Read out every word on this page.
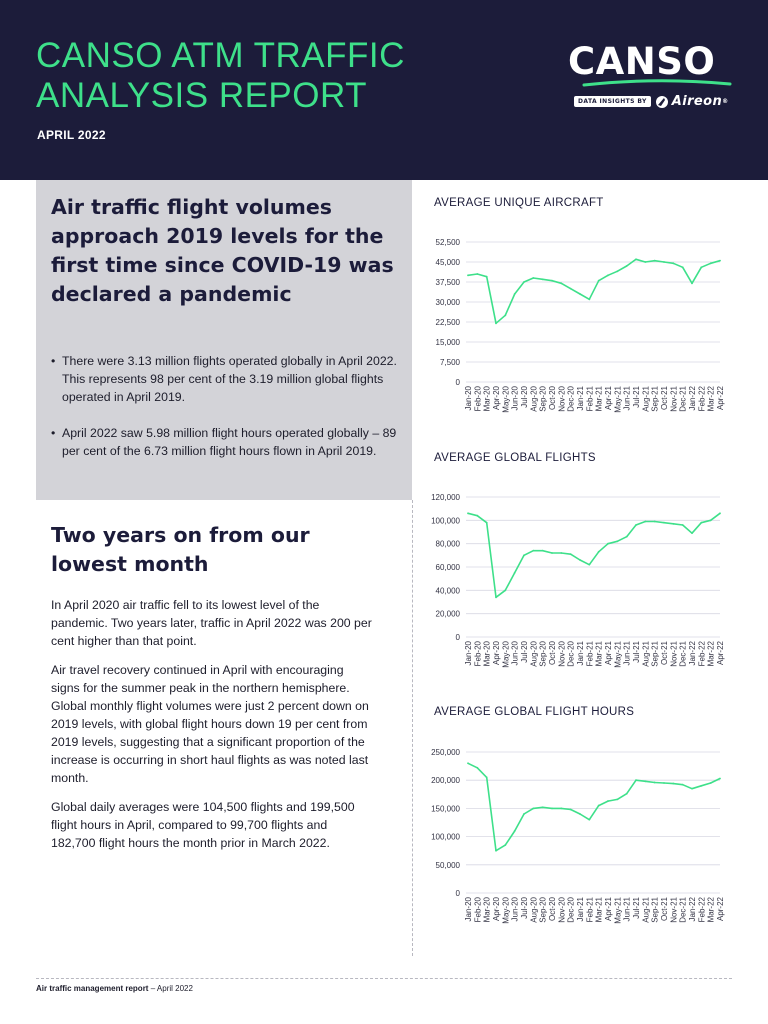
CANSO ATM TRAFFIC
ANALYSIS REPORT
APRIL 2022
CANSO
DATA INSIGHTS BY	Aireon ®
Air traffic flight volumes approach 2019 levels for the first time since COVID-19 was declared a pandemic
• There were 3.13 million flights operated globally in April 2022. This represents 98 per cent of the 3.19 million global flights operated in April 2019.
• April 2022 saw 5.98 million flight hours operated globally – 89 per cent of the 6.73 million flight hours flown in April 2019.
Two years on from our lowest month

In April 2020 air traffic fell to its lowest level of the pandemic. Two years later, traffic in April 2022 was 200 per cent higher than that point.

Air travel recovery continued in April with encouraging signs for the summer peak in the northern hemisphere. Global monthly flight volumes were just 2 percent down on 2019 levels, with global flight hours down 19 per cent from 2019 levels, suggesting that a significant proportion of the increase is occurring in short haul flights as was noted last month.

Global daily averages were 104,500 flights and 199,500 flight hours in April, compared to 99,700 flights and 182,700 flight hours the month prior in March 2022.

AVERAGE UNIQUE AIRCRAFT
0
7,500
15,000
22,500
30,000
37,500
45,000
52,500
Jan-20 Feb-20 Mar-20 Apr-20 May-20 Jun-20 Jul-20 Aug-20 Sep-20 Oct-20 Nov-20 Dec-20 Jan-21 Feb-21 Mar-21 Apr-21 May-21 Jun-21 Jul-21 Aug-21 Sep-21 Oct-21 Nov-21 Dec-21 Jan-22 Feb-22 Mar-22 Apr-22
AVERAGE GLOBAL FLIGHTS
0
20,000
40,000
60,000
80,000
100,000
120,000
Jan-20 Feb-20 Mar-20 Apr-20 May-20 Jun-20 Jul-20 Aug-20 Sep-20 Oct-20 Nov-20 Dec-20 Jan-21 Feb-21 Mar-21 Apr-21 May-21 Jun-21 Jul-21 Aug-21 Sep-21 Oct-21 Nov-21 Dec-21 Jan-22 Feb-22 Mar-22 Apr-22
AVERAGE GLOBAL FLIGHT HOURS
0
50,000
100,000
150,000
200,000
250,000
Jan-20 Feb-20 Mar-20 Apr-20 May-20 Jun-20 Jul-20 Aug-20 Sep-20 Oct-20 Nov-20 Dec-20 Jan-21 Feb-21 Mar-21 Apr-21 May-21 Jun-21 Jul-21 Aug-21 Sep-21 Oct-21 Nov-21 Dec-21 Jan-22 Feb-22 Mar-22 Apr-22
Air traffic management report – April 2022
